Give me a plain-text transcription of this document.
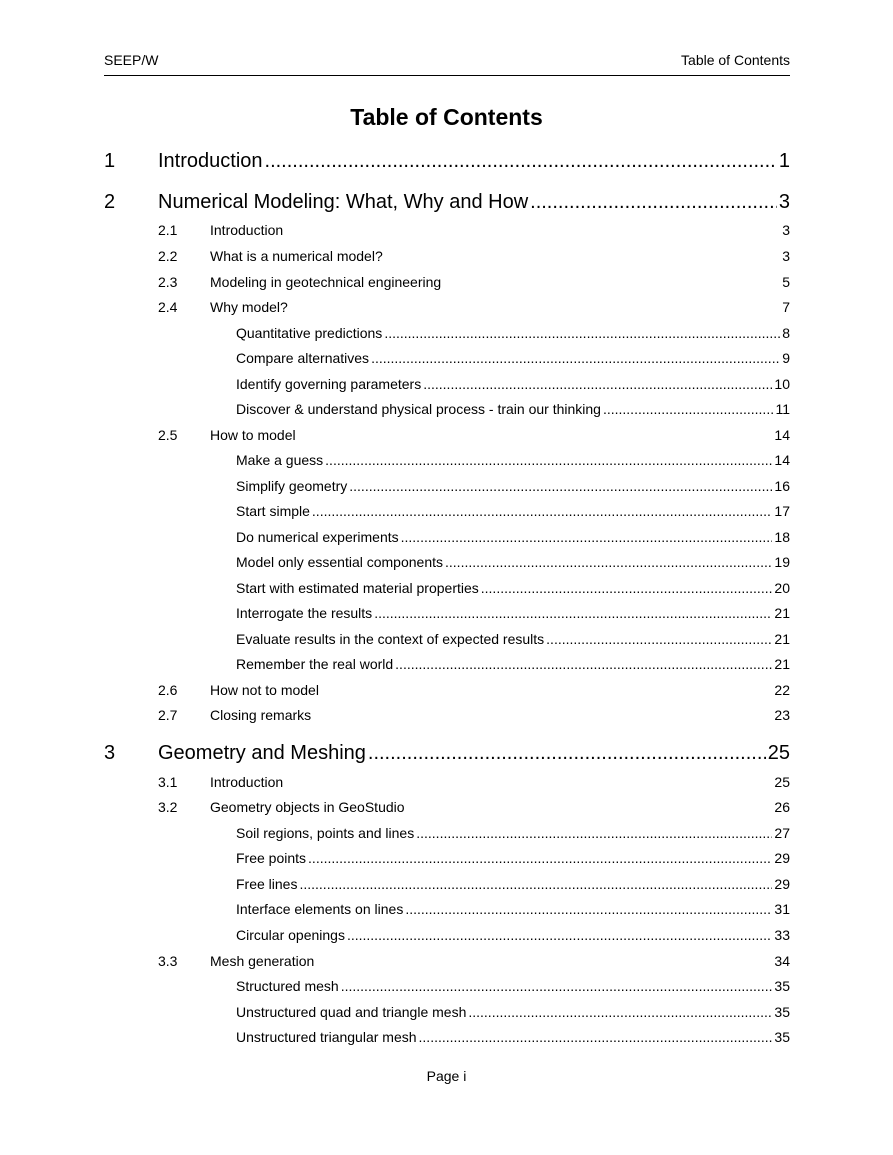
SEEP/W	Table of Contents
Table of Contents
1	Introduction .....	1
2	Numerical Modeling: What, Why and How .....	3
2.1	Introduction	3
2.2	What is a numerical model?	3
2.3	Modeling in geotechnical engineering	5
2.4	Why model?	7
Quantitative predictions .....	8
Compare alternatives .....	9
Identify governing parameters .....	10
Discover & understand physical process - train our thinking .....	11
2.5	How to model	14
Make a guess .....	14
Simplify geometry .....	16
Start simple .....	17
Do numerical experiments .....	18
Model only essential components .....	19
Start with estimated material properties .....	20
Interrogate the results .....	21
Evaluate results in the context of expected results .....	21
Remember the real world .....	21
2.6	How not to model	22
2.7	Closing remarks	23
3	Geometry and Meshing .....	25
3.1	Introduction	25
3.2	Geometry objects in GeoStudio	26
Soil regions, points and lines .....	27
Free points .....	29
Free lines .....	29
Interface elements on lines .....	31
Circular openings .....	33
3.3	Mesh generation	34
Structured mesh .....	35
Unstructured quad and triangle mesh .....	35
Unstructured triangular mesh .....	35
Page i
